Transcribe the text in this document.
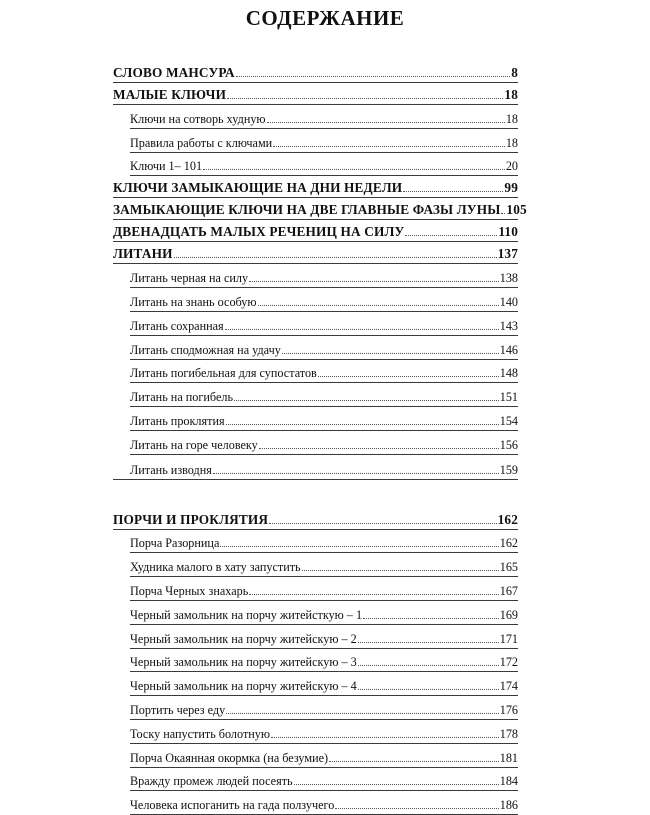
СОДЕРЖАНИЕ
СЛОВО МАНСУРА	8
МАЛЫЕ КЛЮЧИ	18
Ключи на сотворь худную	18
Правила работы с ключами	18
Ключи 1– 101	20
КЛЮЧИ ЗАМЫКАЮЩИЕ НА ДНИ НЕДЕЛИ	99
ЗАМЫКАЮЩИЕ КЛЮЧИ НА ДВЕ ГЛАВНЫЕ ФАЗЫ ЛУНЫ 105
ДВЕНАДЦАТЬ МАЛЫХ РЕЧЕНИЦ НА СИЛУ	110
ЛИТАНИ	137
Литань черная на силу	138
Литань на знань особую	140
Литань сохранная	143
Литань сподможная на удачу	146
Литань погибельная для супостатов	148
Литань на погибель	151
Литань проклятия	154
Литань на горе человеку	156
Литань изводня	159
ПОРЧИ И ПРОКЛЯТИЯ	162
Порча Разорница	162
Худника малого в хату запустить	165
Порча Черных знахарь	167
Черный замольник на порчу житейсткую – 1	169
Черный замольник на порчу житейскую – 2	171
Черный замольник на порчу житейскую – 3	172
Черный замольник на порчу житейскую – 4	174
Портить через еду	176
Тоску напустить болотную	178
Порча Окаянная окормка (на безумие)	181
Вражду промеж людей посеять	184
Человека испоганить на гада ползучего	186
